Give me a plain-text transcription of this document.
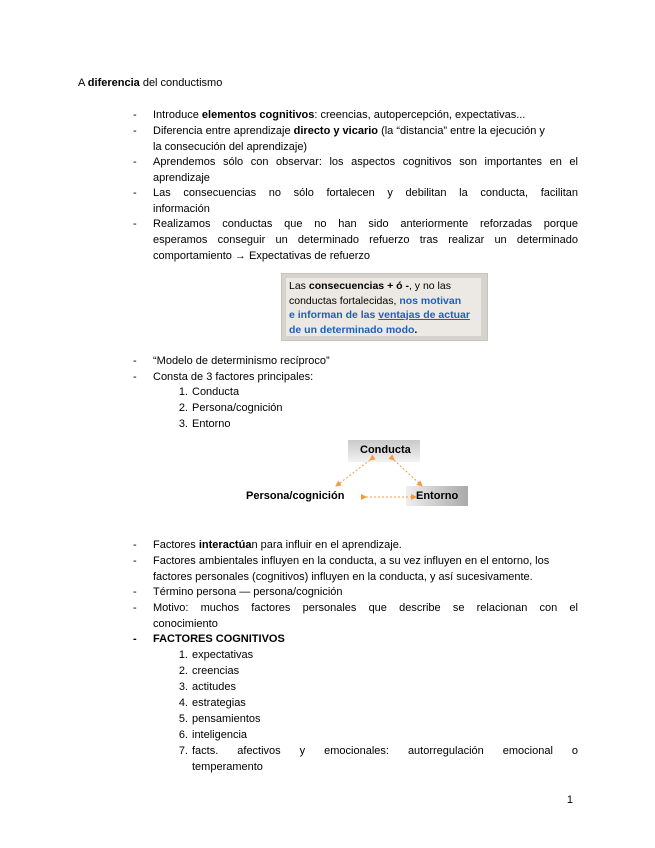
A diferencia del conductismo
- Introduce elementos cognitivos: creencias, autopercepción, expectativas...
- Diferencia entre aprendizaje directo y vicario (la “distancia” entre la ejecución y
la consecución del aprendizaje)
- Aprendemos sólo con observar: los aspectos cognitivos son importantes en el
aprendizaje
- Las consecuencias no sólo fortalecen y debilitan la conducta, facilitan
información
- Realizamos conductas que no han sido anteriormente reforzadas porque
esperamos conseguir un determinado refuerzo tras realizar un determinado
comportamiento → Expectativas de refuerzo
Las consecuencias + ó -, y no las
conductas fortalecidas, nos motivan
e informan de las ventajas de actuar
de un determinado modo.
- “Modelo de determinismo recíproco”
- Consta de 3 factores principales:
1. Conducta
2. Persona/cognición
3. Entorno
Conducta
Persona/cognición	Entorno
- Factores interactúan para influir en el aprendizaje.
- Factores ambientales influyen en la conducta, a su vez influyen en el entorno, los
factores personales (cognitivos) influyen en la conducta, y así sucesivamente.
- Término persona — persona/cognición
- Motivo: muchos factores personales que describe se relacionan con el
conocimiento
- FACTORES COGNITIVOS
1. expectativas
2. creencias
3. actitudes
4. estrategias
5. pensamientos
6. inteligencia
7. facts.   afectivos   y   emocionales:   autorregulación   emocional   o
temperamento
1
